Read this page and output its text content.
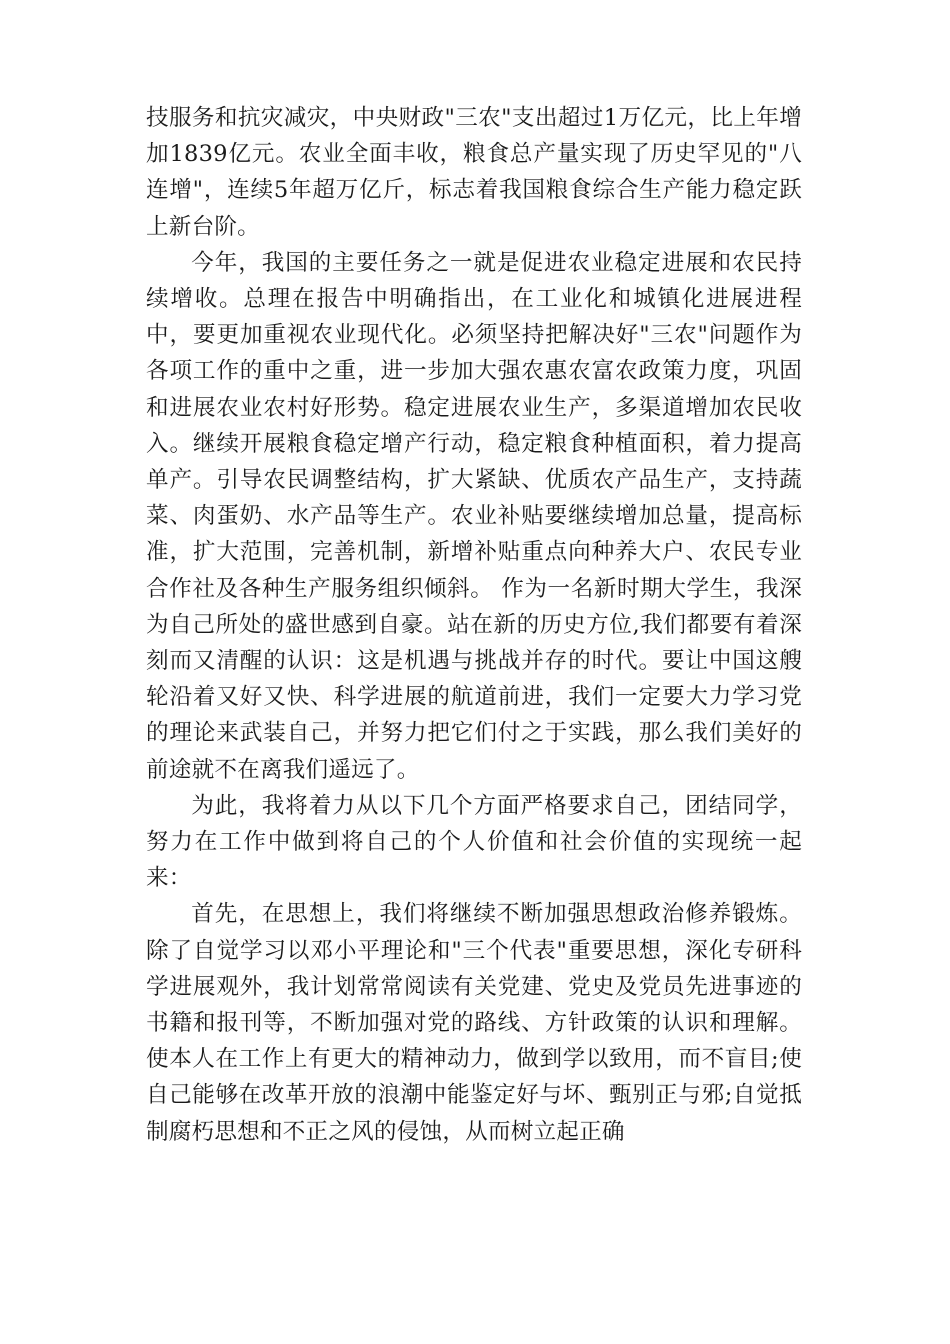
技服务和抗灾减灾，中央财政"三农"支出超过1万亿元，比上年增加1839亿元。农业全面丰收，粮食总产量实现了历史罕见的"八连增"，连续5年超万亿斤，标志着我国粮食综合生产能力稳定跃上新台阶。

今年，我国的主要任务之一就是促进农业稳定进展和农民持续增收。总理在报告中明确指出，在工业化和城镇化进展进程中，要更加重视农业现代化。必须坚持把解决好"三农"问题作为各项工作的重中之重，进一步加大强农惠农富农政策力度，巩固和进展农业农村好形势。稳定进展农业生产，多渠道增加农民收入。继续开展粮食稳定增产行动，稳定粮食种植面积，着力提高单产。引导农民调整结构，扩大紧缺、优质农产品生产，支持蔬菜、肉蛋奶、水产品等生产。农业补贴要继续增加总量，提高标准，扩大范围，完善机制，新增补贴重点向种养大户、农民专业合作社及各种生产服务组织倾斜。 作为一名新时期大学生，我深为自己所处的盛世感到自豪。站在新的历史方位,我们都要有着深刻而又清醒的认识：这是机遇与挑战并存的时代。要让中国这艘轮沿着又好又快、科学进展的航道前进，我们一定要大力学习党的理论来武装自己，并努力把它们付之于实践，那么我们美好的前途就不在离我们遥远了。

为此，我将着力从以下几个方面严格要求自己，团结同学，努力在工作中做到将自己的个人价值和社会价值的实现统一起来：

首先，在思想上，我们将继续不断加强思想政治修养锻炼。除了自觉学习以邓小平理论和"三个代表"重要思想，深化专研科学进展观外，我计划常常阅读有关党建、党史及党员先进事迹的书籍和报刊等，不断加强对党的路线、方针政策的认识和理解。使本人在工作上有更大的精神动力，做到学以致用，而不盲目;使自己能够在改革开放的浪潮中能鉴定好与坏、甄别正与邪;自觉抵制腐朽思想和不正之风的侵蚀，从而树立起正确
